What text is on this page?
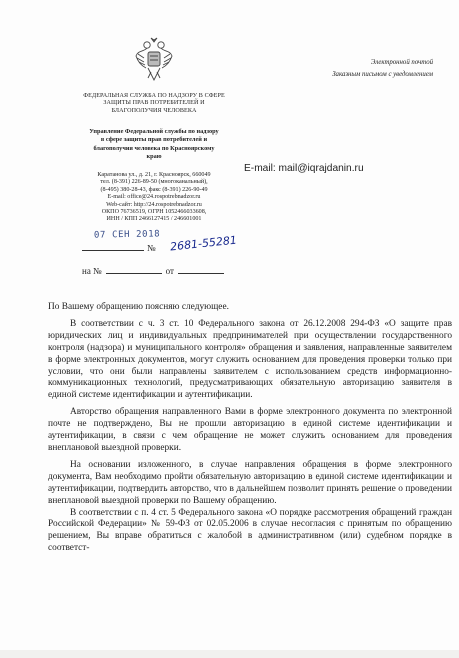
ФЕДЕРАЛЬНАЯ СЛУЖБА ПО НАДЗОРУ В СФЕРЕ ЗАЩИТЫ ПРАВ ПОТРЕБИТЕЛЕЙ И БЛАГОПОЛУЧИЯ ЧЕЛОВЕКА
Управление Федеральной службы по надзору в сфере защиты прав потребителей и благополучия человека по Красноярскому краю
Каратанова ул., д. 21, г. Красноярск, 660049
тел. (8-391) 226-89-50 (многоканальный),
(8-495) 380-28-43, факс (8-391) 226-90-49
E-mail: office@24.rospotrebnadzor.ru
Web-сайт: http://24.rospotrebnadzor.ru
ОКПО 76736519, ОГРН 1052466033608,
ИНН / КПП 2466127415 / 246601001
07 СЕН 2018
№ 2681-55281
на №	от
Электронной почтой
Заказным письмом с уведомлением
E-mail: mail@iqrajdanin.ru

По Вашему обращению поясняю следующее.

В соответствии с ч. 3 ст. 10 Федерального закона от 26.12.2008 294-ФЗ «О защите прав юридических лиц и индивидуальных предпринимателей при осуществлении государственного контроля (надзора) и муниципального контроля» обращения и заявления, направленные заявителем в форме электронных документов, могут служить основанием для проведения проверки только при условии, что они были направлены заявителем с использованием средств информационно-коммуникационных технологий, предусматривающих обязательную авторизацию заявителя в единой системе идентификации и аутентификации.

Авторство обращения направленного Вами в форме электронного документа по электронной почте не подтверждено, Вы не прошли авторизацию в единой системе идентификации и аутентификации, в связи с чем обращение не может служить основанием для проведения внеплановой выездной проверки.

На основании изложенного, в случае направления обращения в форме электронного документа, Вам необходимо пройти обязательную авторизацию в единой системе идентификации и аутентификации, подтвердить авторство, что в дальнейшем позволит принять решение о проведении внеплановой выездной проверки по Вашему обращению.

В соответствии с п. 4 ст. 5 Федерального закона «О порядке рассмотрения обращений граждан Российской Федерации» № 59-ФЗ от 02.05.2006 в случае несогласия с принятым по обращению решением, Вы вправе обратиться с жалобой в административном (или) судебном порядке в соответст-
